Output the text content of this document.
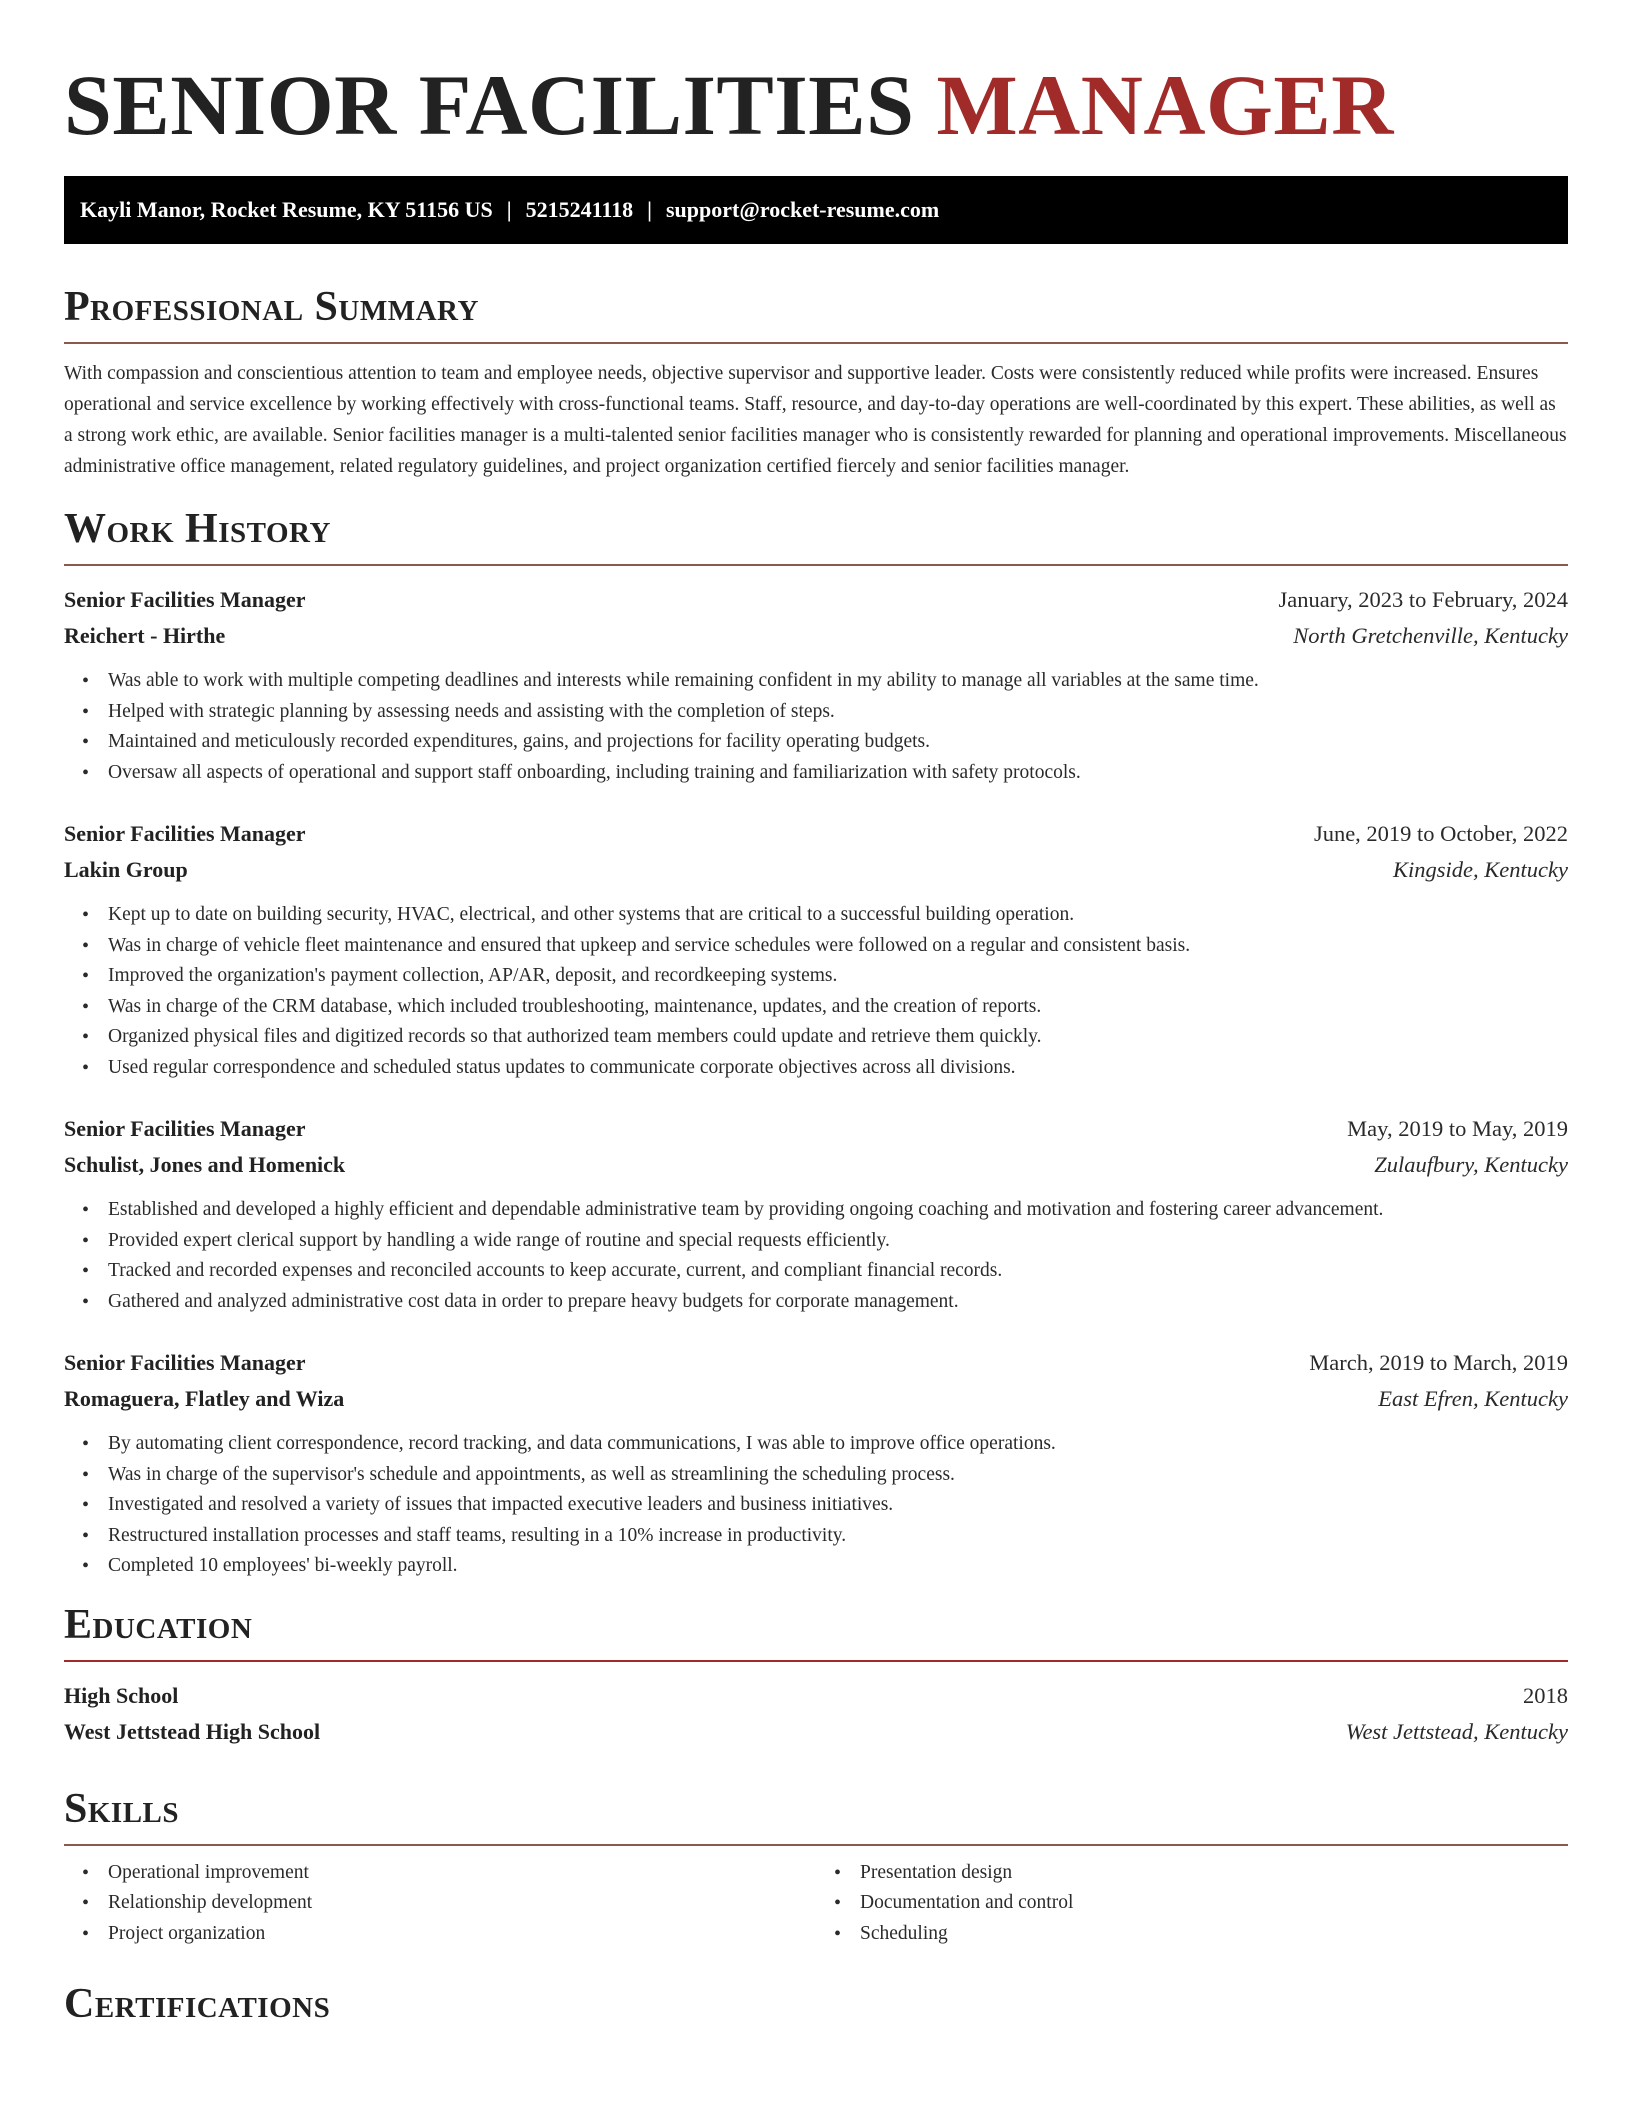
SENIOR FACILITIES MANAGER
Kayli Manor, Rocket Resume, KY 51156 US | 5215241118 | support@rocket-resume.com
Professional Summary

With compassion and conscientious attention to team and employee needs, objective supervisor and supportive leader. Costs were consistently reduced while profits were increased. Ensures operational and service excellence by working effectively with cross-functional teams. Staff, resource, and day-to-day operations are well-coordinated by this expert. These abilities, as well as a strong work ethic, are available. Senior facilities manager is a multi-talented senior facilities manager who is consistently rewarded for planning and operational improvements. Miscellaneous administrative office management, related regulatory guidelines, and project organization certified fiercely and senior facilities manager.

Work History
Senior Facilities Manager	January, 2023 to February, 2024
Reichert - Hirthe	North Gretchenville, Kentucky
• Was able to work with multiple competing deadlines and interests while remaining confident in my ability to manage all variables at the same time.
• Helped with strategic planning by assessing needs and assisting with the completion of steps.
• Maintained and meticulously recorded expenditures, gains, and projections for facility operating budgets.
• Oversaw all aspects of operational and support staff onboarding, including training and familiarization with safety protocols.
Senior Facilities Manager	June, 2019 to October, 2022
Lakin Group	Kingside, Kentucky
• Kept up to date on building security, HVAC, electrical, and other systems that are critical to a successful building operation.
• Was in charge of vehicle fleet maintenance and ensured that upkeep and service schedules were followed on a regular and consistent basis.
• Improved the organization's payment collection, AP/AR, deposit, and recordkeeping systems.
• Was in charge of the CRM database, which included troubleshooting, maintenance, updates, and the creation of reports.
• Organized physical files and digitized records so that authorized team members could update and retrieve them quickly.
• Used regular correspondence and scheduled status updates to communicate corporate objectives across all divisions.
Senior Facilities Manager	May, 2019 to May, 2019
Schulist, Jones and Homenick	Zulaufbury, Kentucky
• Established and developed a highly efficient and dependable administrative team by providing ongoing coaching and motivation and fostering career advancement.
• Provided expert clerical support by handling a wide range of routine and special requests efficiently.
• Tracked and recorded expenses and reconciled accounts to keep accurate, current, and compliant financial records.
• Gathered and analyzed administrative cost data in order to prepare heavy budgets for corporate management.
Senior Facilities Manager	March, 2019 to March, 2019
Romaguera, Flatley and Wiza	East Efren, Kentucky
• By automating client correspondence, record tracking, and data communications, I was able to improve office operations.
• Was in charge of the supervisor's schedule and appointments, as well as streamlining the scheduling process.
• Investigated and resolved a variety of issues that impacted executive leaders and business initiatives.
• Restructured installation processes and staff teams, resulting in a 10% increase in productivity.
• Completed 10 employees' bi-weekly payroll.
Education
High School	2018
West Jettstead High School	West Jettstead, Kentucky
Skills
• Operational improvement
• Relationship development
• Project organization
• Presentation design
• Documentation and control
• Scheduling
Certifications
